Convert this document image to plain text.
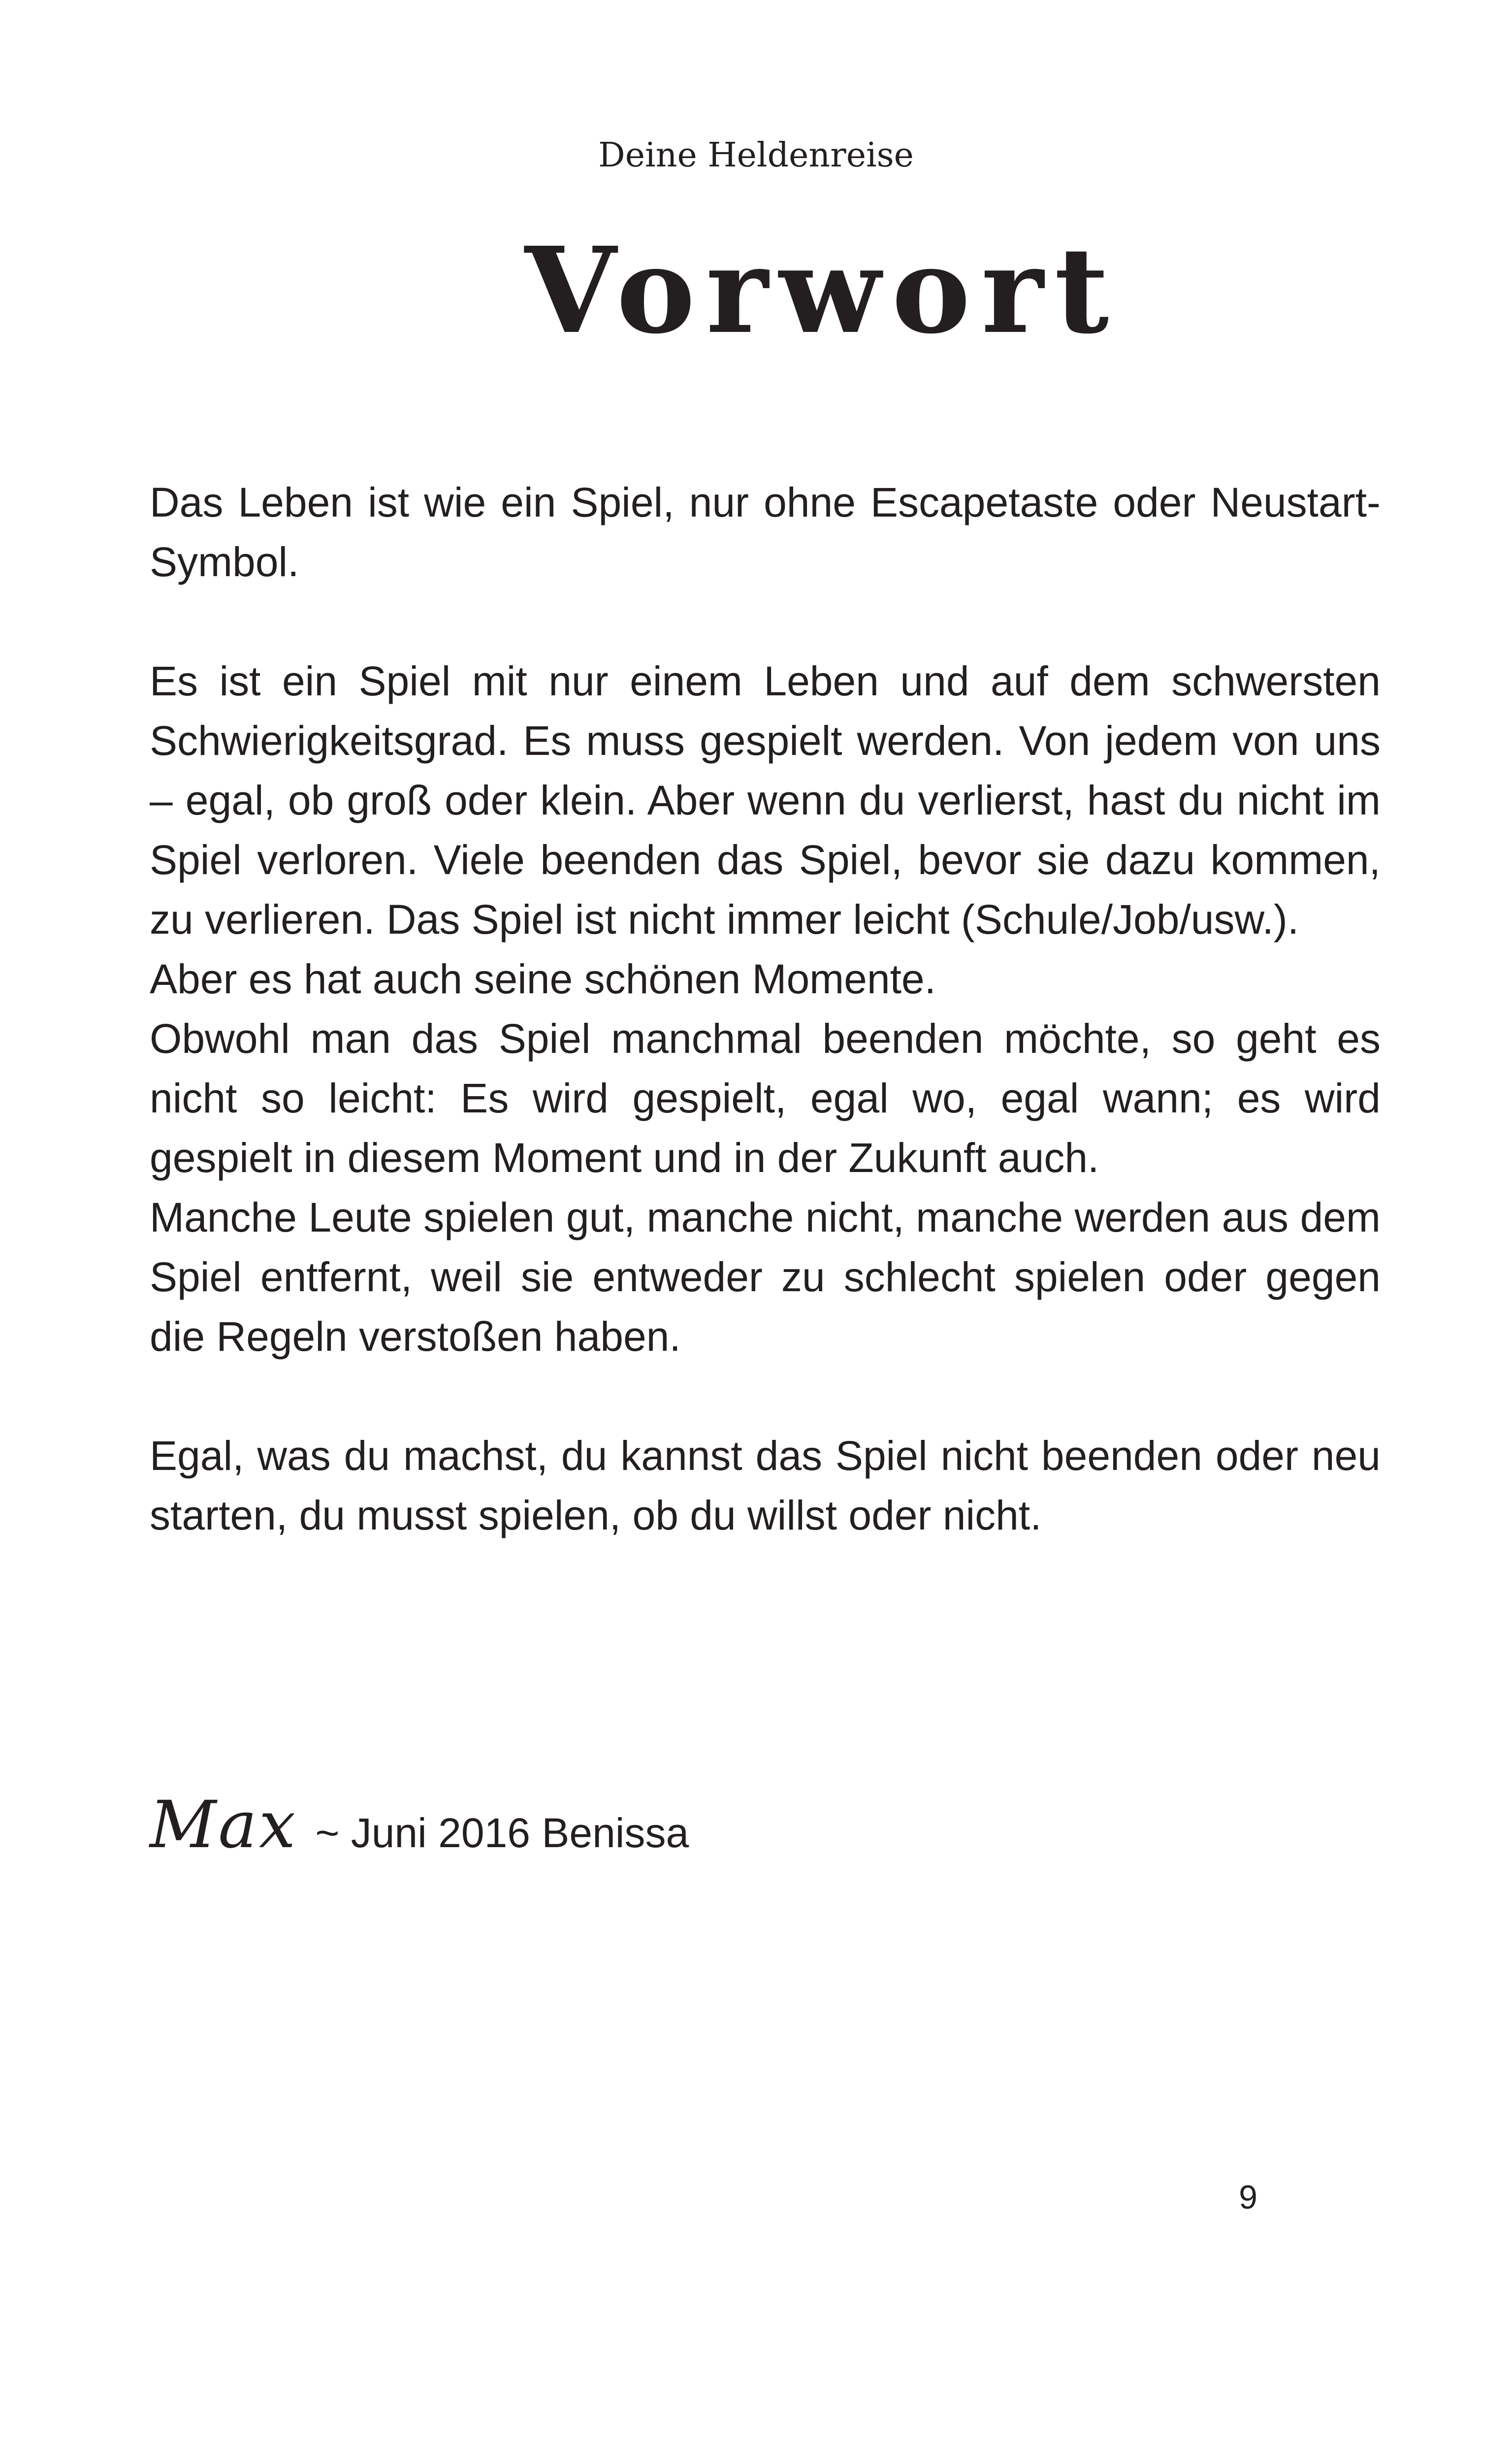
Deine Heldenreise
Vorwort

Das Leben ist wie ein Spiel, nur ohne Escapetaste oder Neustart-Symbol.

Es ist ein Spiel mit nur einem Leben und auf dem schwersten Schwierigkeitsgrad. Es muss gespielt werden. Von jedem von uns – egal, ob groß oder klein. Aber wenn du verlierst, hast du nicht im Spiel verloren. Viele beenden das Spiel, bevor sie dazu kommen, zu verlieren. Das Spiel ist nicht immer leicht (Schule/Job/usw.).

Aber es hat auch seine schönen Momente.

Obwohl man das Spiel manchmal beenden möchte, so geht es nicht so leicht: Es wird gespielt, egal wo, egal wann; es wird gespielt in diesem Moment und in der Zukunft auch.

Manche Leute spielen gut, manche nicht, manche werden aus dem Spiel entfernt, weil sie entweder zu schlecht spielen oder gegen die Regeln verstoßen haben.

Egal, was du machst, du kannst das Spiel nicht beenden oder neu starten, du musst spielen, ob du willst oder nicht.

Max ~ Juni 2016 Benissa
9
